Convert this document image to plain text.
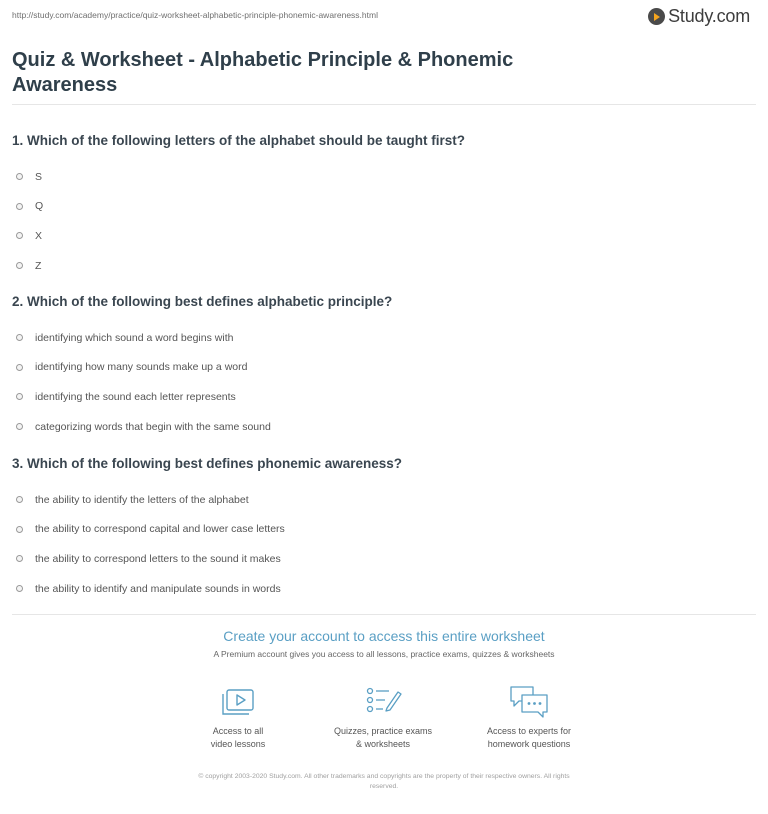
http://study.com/academy/practice/quiz-worksheet-alphabetic-principle-phonemic-awareness.html	Study.com
Quiz & Worksheet - Alphabetic Principle & Phonemic
Awareness
1. Which of the following letters of the alphabet should be taught first?
S
Q
X
Z
2. Which of the following best defines alphabetic principle?
identifying which sound a word begins with
identifying how many sounds make up a word
identifying the sound each letter represents
categorizing words that begin with the same sound
3. Which of the following best defines phonemic awareness?
the ability to identify the letters of the alphabet
the ability to correspond capital and lower case letters
the ability to correspond letters to the sound it makes
the ability to identify and manipulate sounds in words
Create your account to access this entire worksheet
A Premium account gives you access to all lessons, practice exams, quizzes & worksheets
Access to all
video lessons
Quizzes, practice exams
& worksheets
Access to experts for
homework questions
© copyright 2003-2020 Study.com. All other trademarks and copyrights are the property of their respective owners. All rights
reserved.
